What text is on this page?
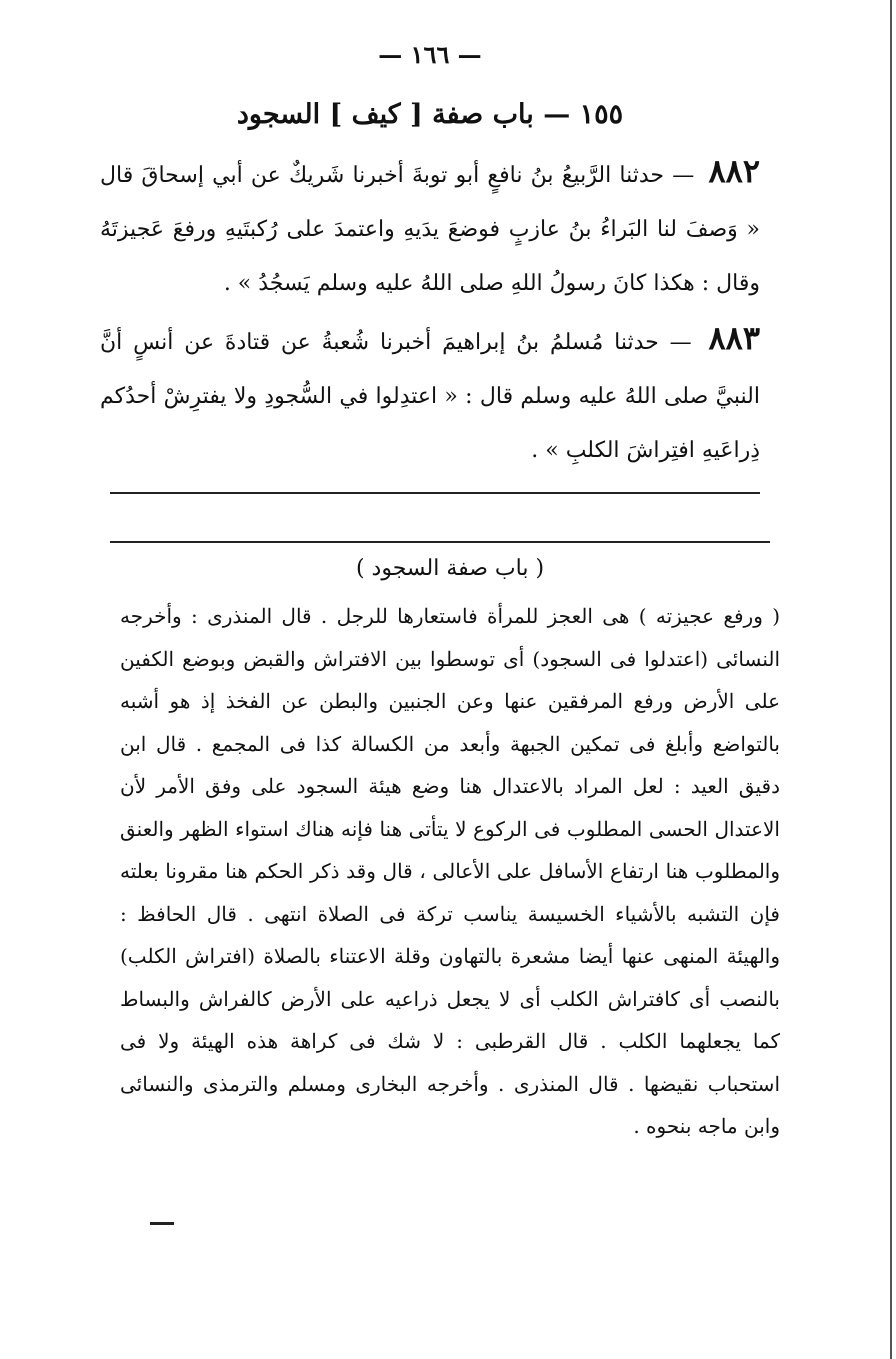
— ١٦٦ —
١٥٥ — باب صفة [ كيف ] السجود

٨٨٢ — حدثنا الرَّبيعُ بنُ نافعٍ أبو توبةَ أخبرنا شَريكٌ عن أبي إسحاقَ قال « وَصفَ لنا البَراءُ بنُ عازبٍ فوضعَ يدَيهِ واعتمدَ على رُكبتَيهِ ورفعَ عَجيزتَهُ وقال : هكذا كانَ رسولُ اللهِ صلى اللهُ عليه وسلم يَسجُدُ » .

٨٨٣ — حدثنا مُسلمُ بنُ إبراهيمَ أخبرنا شُعبةُ عن قتادةَ عن أنسٍ أنَّ النبيَّ صلى اللهُ عليه وسلم قال : « اعتدِلوا في السُّجودِ ولا يفترِشْ أحدُكم ذِراعَيهِ افتِراشَ الكلبِ » .

( باب صفة السجود )

( ورفع عجيزته ) هى العجز للمرأة فاستعارها للرجل . قال المنذرى : وأخرجه النسائى (اعتدلوا فى السجود) أى توسطوا بين الافتراش والقبض وبوضع الكفين على الأرض ورفع المرفقين عنها وعن الجنبين والبطن عن الفخذ إذ هو أشبه بالتواضع وأبلغ فى تمكين الجبهة وأبعد من الكسالة كذا فى المجمع . قال ابن دقيق العيد : لعل المراد بالاعتدال هنا وضع هيئة السجود على وفق الأمر لأن الاعتدال الحسى المطلوب فى الركوع لا يتأتى هنا فإنه هناك استواء الظهر والعنق والمطلوب هنا ارتفاع الأسافل على الأعالى ، قال وقد ذكر الحكم هنا مقرونا بعلته فإن التشبه بالأشياء الخسيسة يناسب تركة فى الصلاة انتهى . قال الحافظ : والهيئة المنهى عنها أيضا مشعرة بالتهاون وقلة الاعتناء بالصلاة (افتراش الكلب) بالنصب أى كافتراش الكلب أى لا يجعل ذراعيه على الأرض كالفراش والبساط كما يجعلهما الكلب . قال القرطبى : لا شك فى كراهة هذه الهيئة ولا فى استحباب نقيضها . قال المنذرى . وأخرجه البخارى ومسلم والترمذى والنسائى وابن ماجه بنحوه .
